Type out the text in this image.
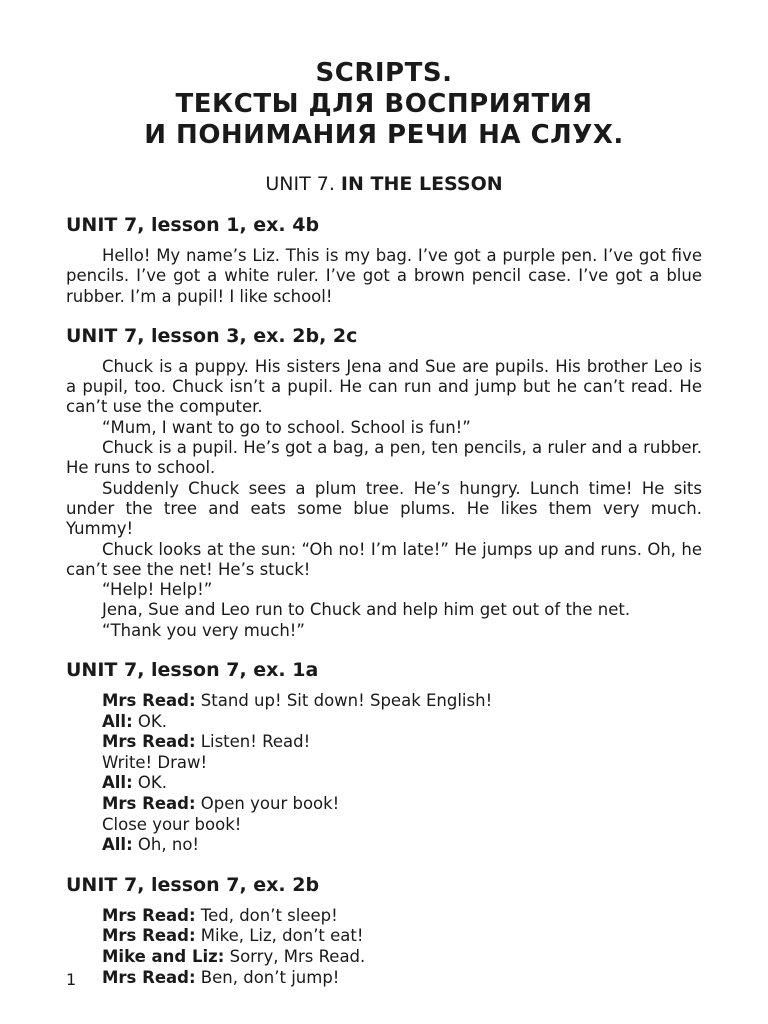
SCRIPTS.
ТЕКСТЫ ДЛЯ ВОСПРИЯТИЯ
И ПОНИМАНИЯ РЕЧИ НА СЛУХ.
UNIT 7. IN THE LESSON
UNIT 7, lesson 1, ex. 4b

Hello! My name’s Liz. This is my bag. I’ve got a purple pen. I’ve got five pencils. I’ve got a white ruler. I’ve got a brown pencil case. I’ve got a blue rubber. I’m a pupil! I like school!

UNIT 7, lesson 3, ex. 2b, 2c

Chuck is a puppy. His sisters Jena and Sue are pupils. His brother Leo is a pupil, too. Chuck isn’t a pupil. He can run and jump but he can’t read. He can’t use the computer.

“Mum, I want to go to school. School is fun!”

Chuck is a pupil. He’s got a bag, a pen, ten pencils, a ruler and a rubber. He runs to school.

Suddenly Chuck sees a plum tree. He’s hungry. Lunch time! He sits under the tree and eats some blue plums. He likes them very much. Yummy!

Chuck looks at the sun: “Oh no! I’m late!” He jumps up and runs. Oh, he can’t see the net! He’s stuck!

“Help! Help!”

Jena, Sue and Leo run to Chuck and help him get out of the net.

“Thank you very much!”

UNIT 7, lesson 7, ex. 1a

Mrs Read: Stand up! Sit down! Speak English!

All: OK.

Mrs Read: Listen! Read!

Write! Draw!

All: OK.

Mrs Read: Open your book!

Close your book!

All: Oh, no!

UNIT 7, lesson 7, ex. 2b

Mrs Read: Ted, don’t sleep!

Mrs Read: Mike, Liz, don’t eat!

Mike and Liz: Sorry, Mrs Read.

Mrs Read: Ben, don’t jump!

1
